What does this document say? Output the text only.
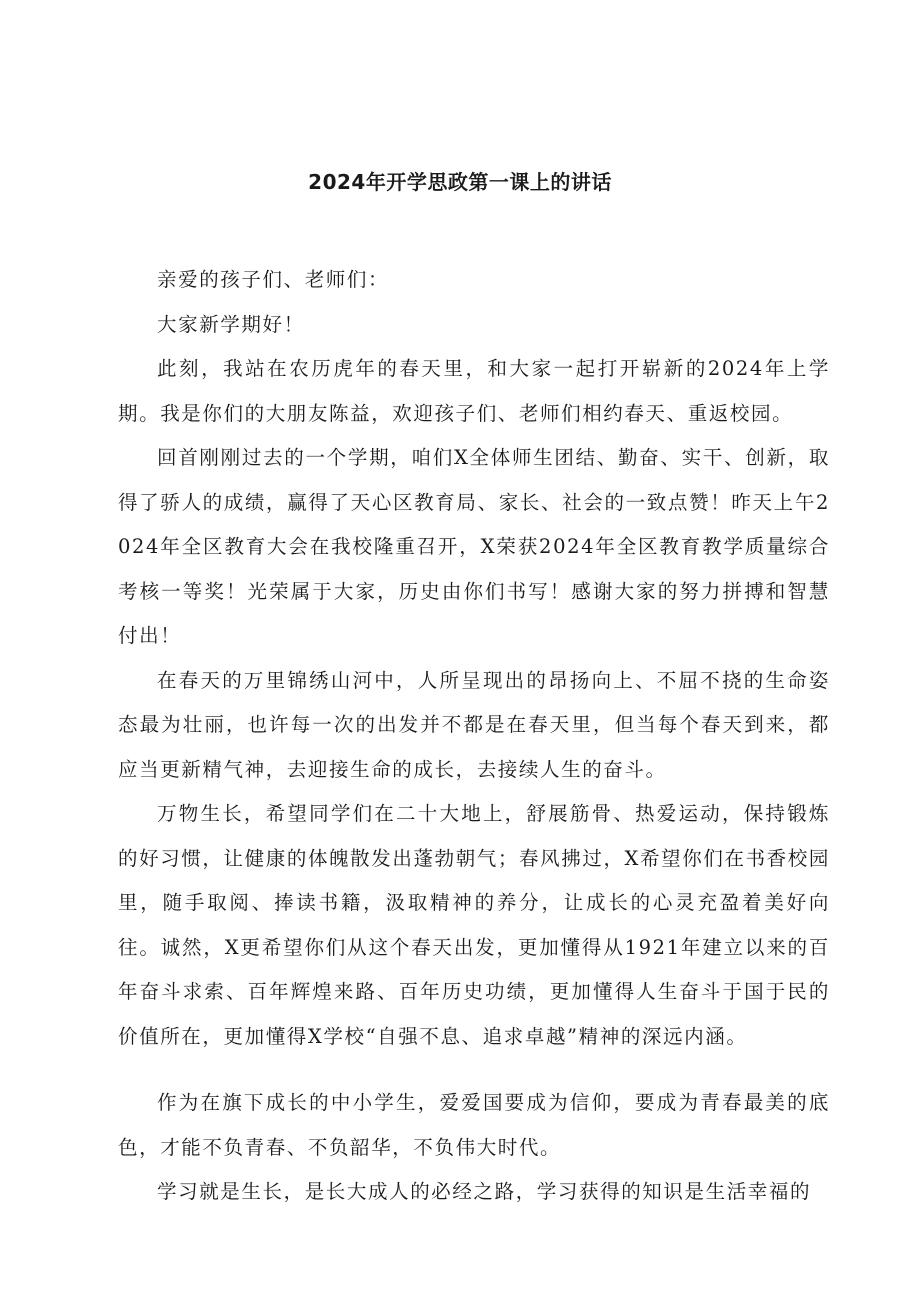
2024年开学思政第一课上的讲话

亲爱的孩子们、老师们：

大家新学期好！

此刻，我站在农历虎年的春天里，和大家一起打开崭新的2024年上学期。我是你们的大朋友陈益，欢迎孩子们、老师们相约春天、重返校园。

回首刚刚过去的一个学期，咱们X全体师生团结、勤奋、实干、创新，取得了骄人的成绩，赢得了天心区教育局、家长、社会的一致点赞！昨天上午2024年全区教育大会在我校隆重召开，X荣获2024年全区教育教学质量综合考核一等奖！光荣属于大家，历史由你们书写！感谢大家的努力拼搏和智慧付出！

在春天的万里锦绣山河中，人所呈现出的昂扬向上、不屈不挠的生命姿态最为壮丽，也许每一次的出发并不都是在春天里，但当每个春天到来，都应当更新精气神，去迎接生命的成长，去接续人生的奋斗。

万物生长，希望同学们在二十大地上，舒展筋骨、热爱运动，保持锻炼的好习惯，让健康的体魄散发出蓬勃朝气；春风拂过，X希望你们在书香校园里，随手取阅、捧读书籍，汲取精神的养分，让成长的心灵充盈着美好向往。诚然，X更希望你们从这个春天出发，更加懂得从1921年建立以来的百年奋斗求索、百年辉煌来路、百年历史功绩，更加懂得人生奋斗于国于民的价值所在，更加懂得X学校“自强不息、追求卓越”精神的深远内涵。

作为在旗下成长的中小学生，爱爱国要成为信仰，要成为青春最美的底色，才能不负青春、不负韶华，不负伟大时代。

学习就是生长，是长大成人的必经之路，学习获得的知识是生活幸福的
